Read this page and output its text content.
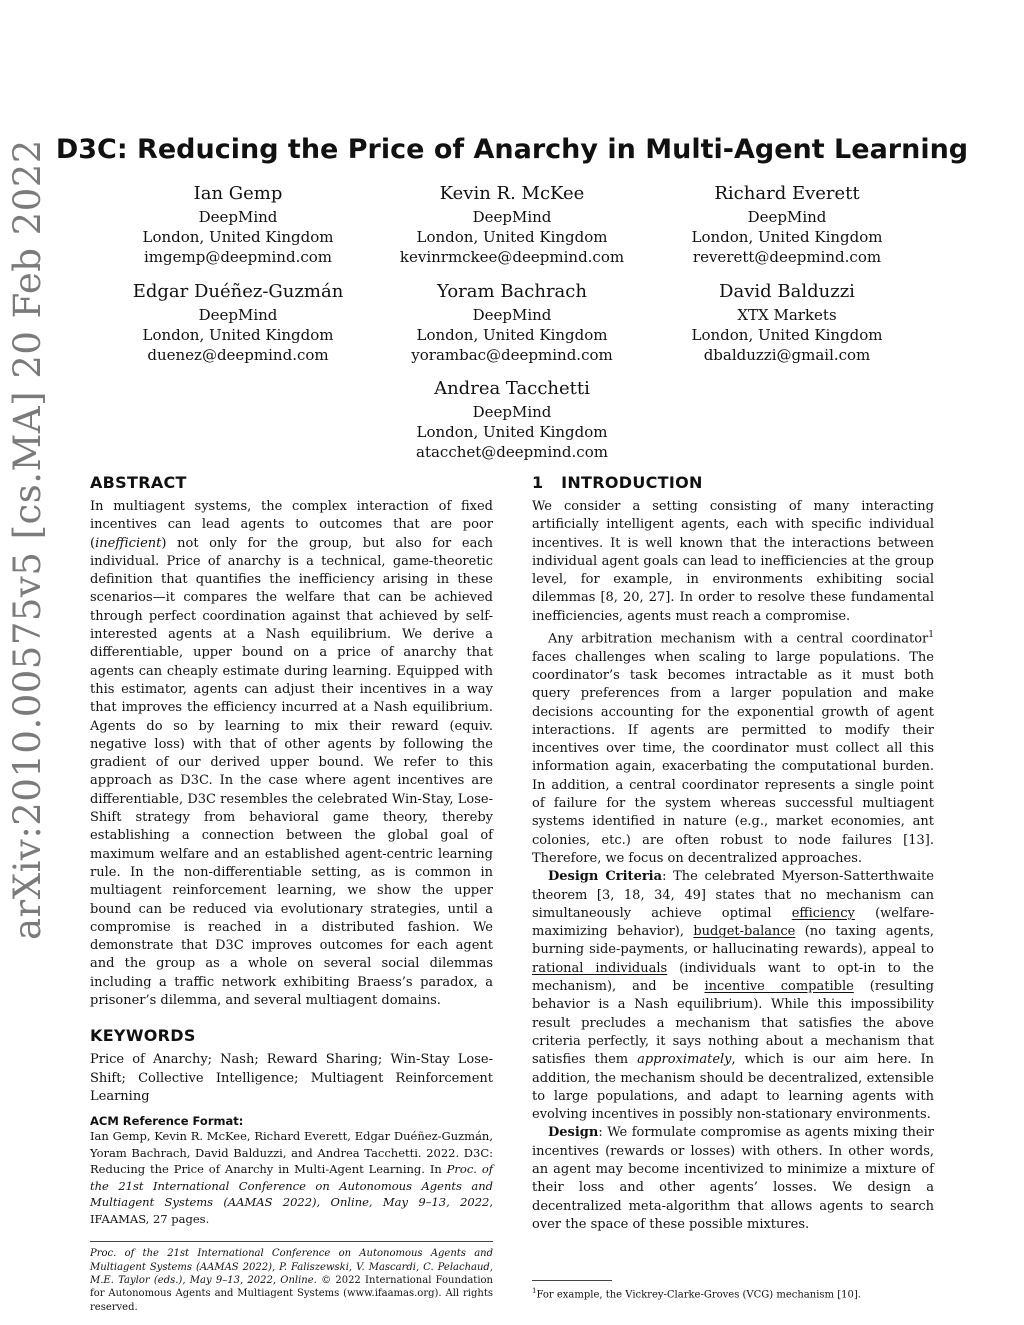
arXiv:2010.00575v5 [cs.MA] 20 Feb 2022 D3C: Reducing the Price of Anarchy in Multi-Agent Learning
Ian Gemp
DeepMind
London, United Kingdom
imgemp@deepmind.com
Kevin R. McKee
DeepMind
London, United Kingdom
kevinrmckee@deepmind.com
Richard Everett
DeepMind
London, United Kingdom
reverett@deepmind.com
Edgar Duéñez-Guzmán
DeepMind
London, United Kingdom
duenez@deepmind.com
Yoram Bachrach
DeepMind
London, United Kingdom
yorambac@deepmind.com
David Balduzzi
XTX Markets
London, United Kingdom
dbalduzzi@gmail.com
Andrea Tacchetti
DeepMind
London, United Kingdom
atacchet@deepmind.com
ABSTRACT

In multiagent systems, the complex interaction of fixed incentives can lead agents to outcomes that are poor (inefficient) not only for the group, but also for each individual. Price of anarchy is a technical, game-theoretic definition that quantifies the inefficiency arising in these scenarios—it compares the welfare that can be achieved through perfect coordination against that achieved by self-interested agents at a Nash equilibrium. We derive a differentiable, upper bound on a price of anarchy that agents can cheaply estimate during learning. Equipped with this estimator, agents can adjust their incentives in a way that improves the efficiency incurred at a Nash equilibrium. Agents do so by learning to mix their reward (equiv. negative loss) with that of other agents by following the gradient of our derived upper bound. We refer to this approach as D3C. In the case where agent incentives are differentiable, D3C resembles the celebrated Win-Stay, Lose-Shift strategy from behavioral game theory, thereby establishing a connection between the global goal of maximum welfare and an established agent-centric learning rule. In the non-differentiable setting, as is common in multiagent reinforcement learning, we show the upper bound can be reduced via evolutionary strategies, until a compromise is reached in a distributed fashion. We demonstrate that D3C improves outcomes for each agent and the group as a whole on several social dilemmas including a traffic network exhibiting Braess’s paradox, a prisoner’s dilemma, and several multiagent domains.

KEYWORDS

Price of Anarchy; Nash; Reward Sharing; Win-Stay Lose-Shift; Collective Intelligence; Multiagent Reinforcement Learning

ACM Reference Format:

Ian Gemp, Kevin R. McKee, Richard Everett, Edgar Duéñez-Guzmán, Yoram Bachrach, David Balduzzi, and Andrea Tacchetti. 2022. D3C: Reducing the Price of Anarchy in Multi-Agent Learning. In Proc. of the 21st International Conference on Autonomous Agents and Multiagent Systems (AAMAS 2022), Online, May 9–13, 2022, IFAAMAS, 27 pages.

Proc. of the 21st International Conference on Autonomous Agents and Multiagent Systems (AAMAS 2022), P. Faliszewski, V. Mascardi, C. Pelachaud, M.E. Taylor (eds.), May 9–13, 2022, Online. © 2022 International Foundation for Autonomous Agents and Multiagent Systems (www.ifaamas.org). All rights reserved.

1 INTRODUCTION

We consider a setting consisting of many interacting artificially intelligent agents, each with specific individual incentives. It is well known that the interactions between individual agent goals can lead to inefficiencies at the group level, for example, in environments exhibiting social dilemmas [8, 20, 27]. In order to resolve these fundamental inefficiencies, agents must reach a compromise.

Any arbitration mechanism with a central coordinator$^1$ faces challenges when scaling to large populations. The coordinator’s task becomes intractable as it must both query preferences from a larger population and make decisions accounting for the exponential growth of agent interactions. If agents are permitted to modify their incentives over time, the coordinator must collect all this information again, exacerbating the computational burden. In addition, a central coordinator represents a single point of failure for the system whereas successful multiagent systems identified in nature (e.g., market economies, ant colonies, etc.) are often robust to node failures [13]. Therefore, we focus on decentralized approaches.

Design Criteria: The celebrated Myerson-Satterthwaite theorem [3, 18, 34, 49] states that no mechanism can simultaneously achieve optimal efficiency (welfare-maximizing behavior), budget-balance (no taxing agents, burning side-payments, or hallucinating rewards), appeal to rational individuals (individuals want to opt-in to the mechanism), and be incentive compatible (resulting behavior is a Nash equilibrium). While this impossibility result precludes a mechanism that satisfies the above criteria perfectly, it says nothing about a mechanism that satisfies them approximately, which is our aim here. In addition, the mechanism should be decentralized, extensible to large populations, and adapt to learning agents with evolving incentives in possibly non-stationary environments.

Design: We formulate compromise as agents mixing their incentives (rewards or losses) with others. In other words, an agent may become incentivized to minimize a mixture of their loss and other agents’ losses. We design a decentralized meta-algorithm that allows agents to search over the space of these possible mixtures.

$^1$For example, the Vickrey-Clarke-Groves (VCG) mechanism [10].
